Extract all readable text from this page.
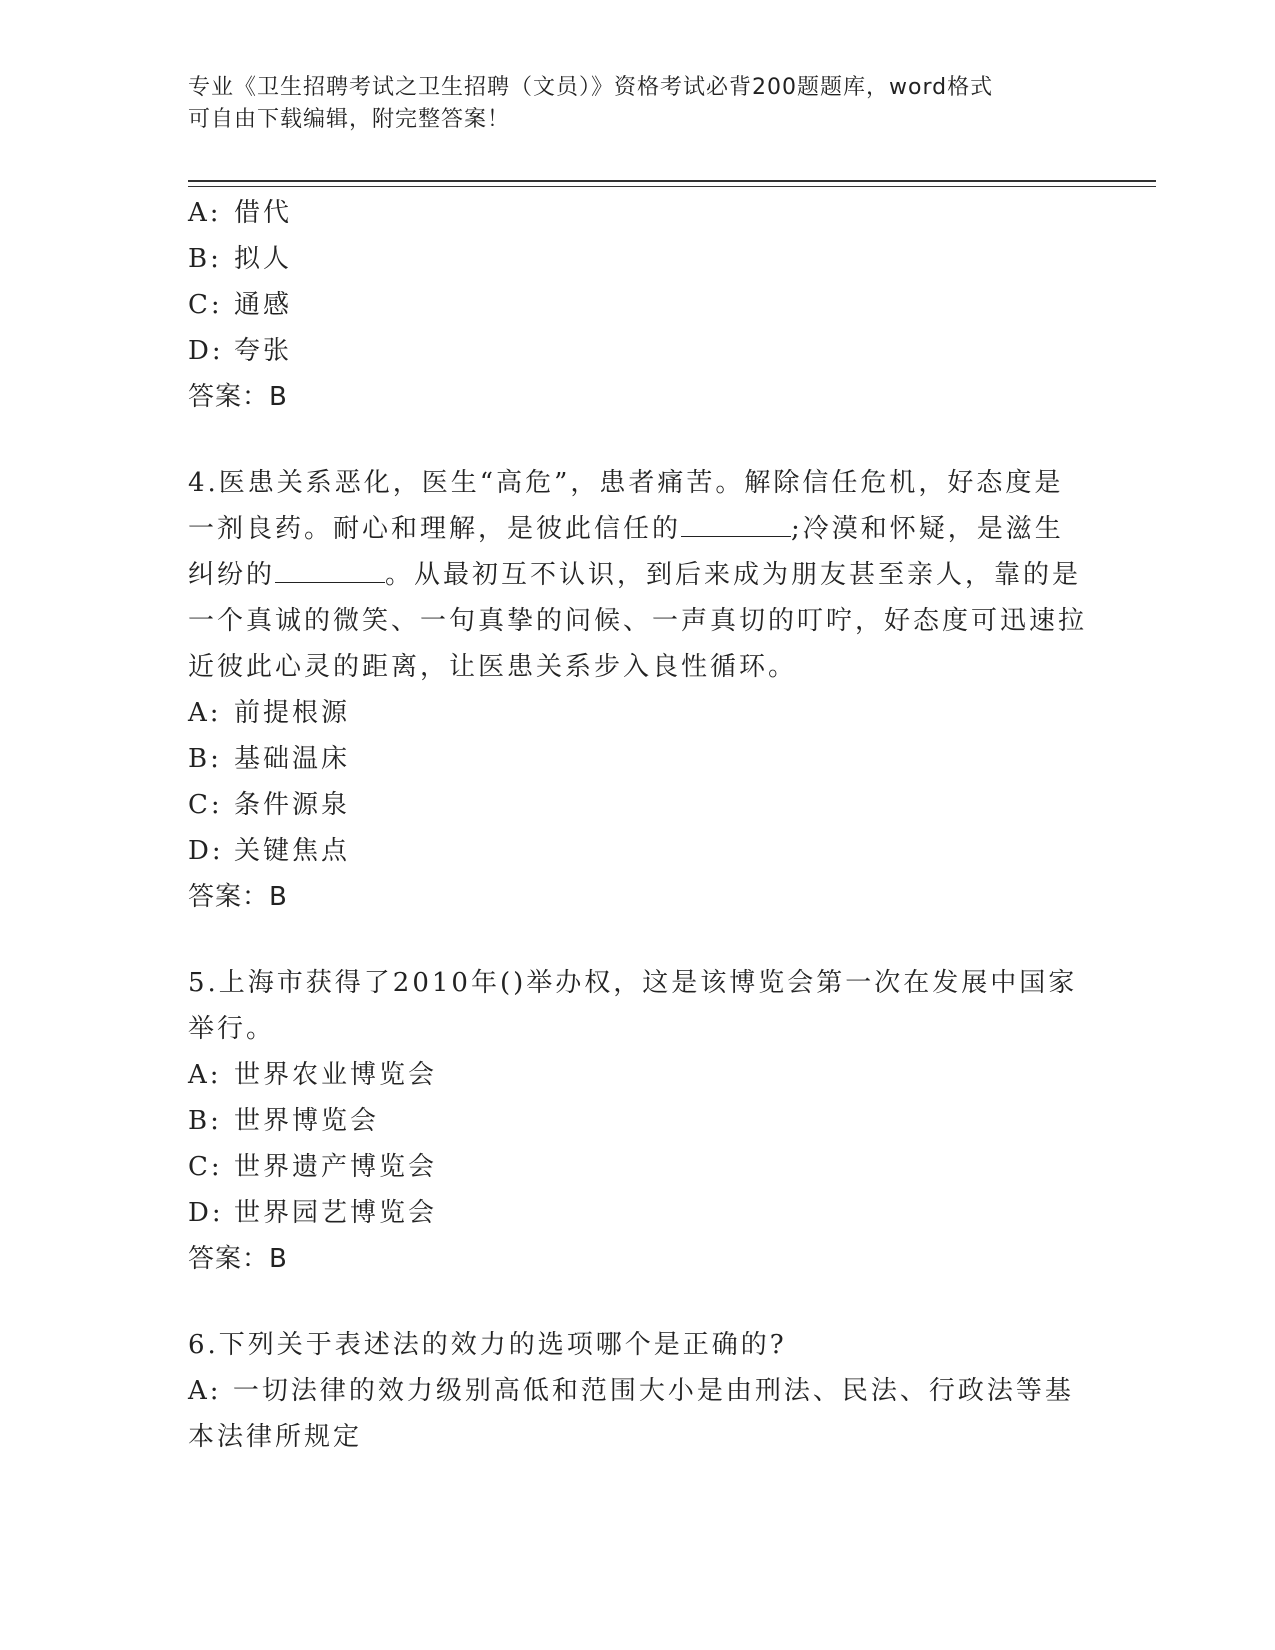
专业《卫生招聘考试之卫生招聘（文员）》资格考试必背200题题库，word格式
可自由下载编辑，附完整答案！
A: 借代
B: 拟人
C: 通感
D: 夸张
答案：B
4.医患关系恶化，医生“高危”，患者痛苦。解除信任危机，好态度是一剂良药。耐心和理解，是彼此信任的	;冷漠和怀疑，是滋生纠纷的	。从最初互不认识，到后来成为朋友甚至亲人，靠的是一个真诚的微笑、一句真挚的问候、一声真切的叮咛，好态度可迅速拉近彼此心灵的距离，让医患关系步入良性循环。
A: 前提根源
B: 基础温床
C: 条件源泉
D: 关键焦点
答案：B
5.上海市获得了2010年()举办权，这是该博览会第一次在发展中国家举行。
A: 世界农业博览会
B: 世界博览会
C: 世界遗产博览会
D: 世界园艺博览会
答案：B
6.下列关于表述法的效力的选项哪个是正确的?
A: 一切法律的效力级别高低和范围大小是由刑法、民法、行政法等基本法律所规定
